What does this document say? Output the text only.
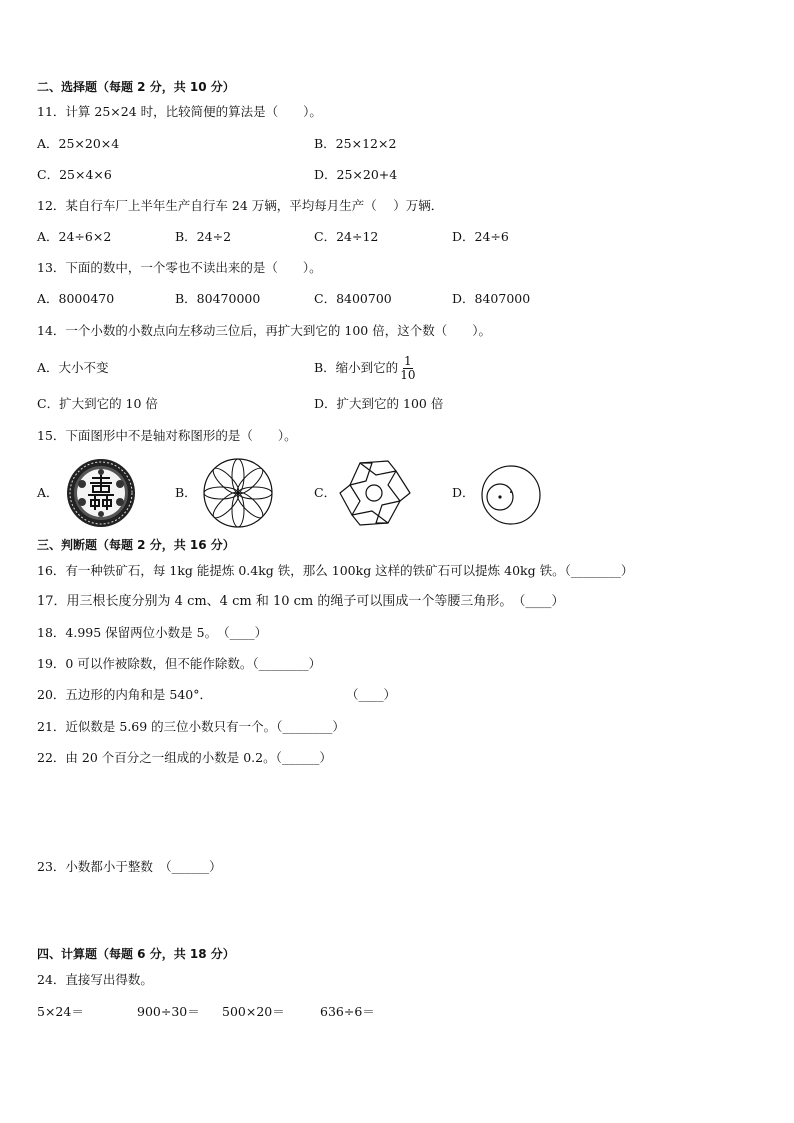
二、选择题（每题 2 分，共 10 分）
11．计算 25×24 时，比较简便的算法是（　　）。
A．25×20×4	B．25×12×2
C．25×4×6	D．25×20+4
12．某自行车厂上半年生产自行车 24 万辆，平均每月生产（　 ）万辆．
A．24÷6×2	B．24÷2	C．24÷12	D．24÷6
13．下面的数中，一个零也不读出来的是（　　）。
A．8000470	B．80470000	C．8400700	D．8407000
14．一个小数的小数点向左移动三位后，再扩大到它的 100 倍，这个数（　　）。
A．大小不变	B．缩小到它的 $\frac{1}{10}$
C．扩大到它的 10 倍	D．扩大到它的 100 倍
15．下面图形中不是轴对称图形的是（　　）。
A．	B．	C．	D．
三、判断题（每题 2 分，共 16 分）
16．有一种铁矿石，每 1kg 能提炼 0.4kg 铁，那么 100kg 这样的铁矿石可以提炼 40kg 铁。（________）
17．用三根长度分别为 4 cm、4 cm 和 10 cm 的绳子可以围成一个等腰三角形。　（____）
18．4.995 保留两位小数是 5。　（____）
19．0 可以作被除数，但不能作除数。（________）
20．五边形的内角和是 540°．	（____）
21．近似数是 5.69 的三位小数只有一个。（________）
22．由 20 个百分之一组成的小数是 0.2。（______）
23．小数都小于整数　（______）
四、计算题（每题 6 分，共 18 分）
24．直接写出得数。
5×24＝	900÷30＝ 500×20＝	636÷6＝
